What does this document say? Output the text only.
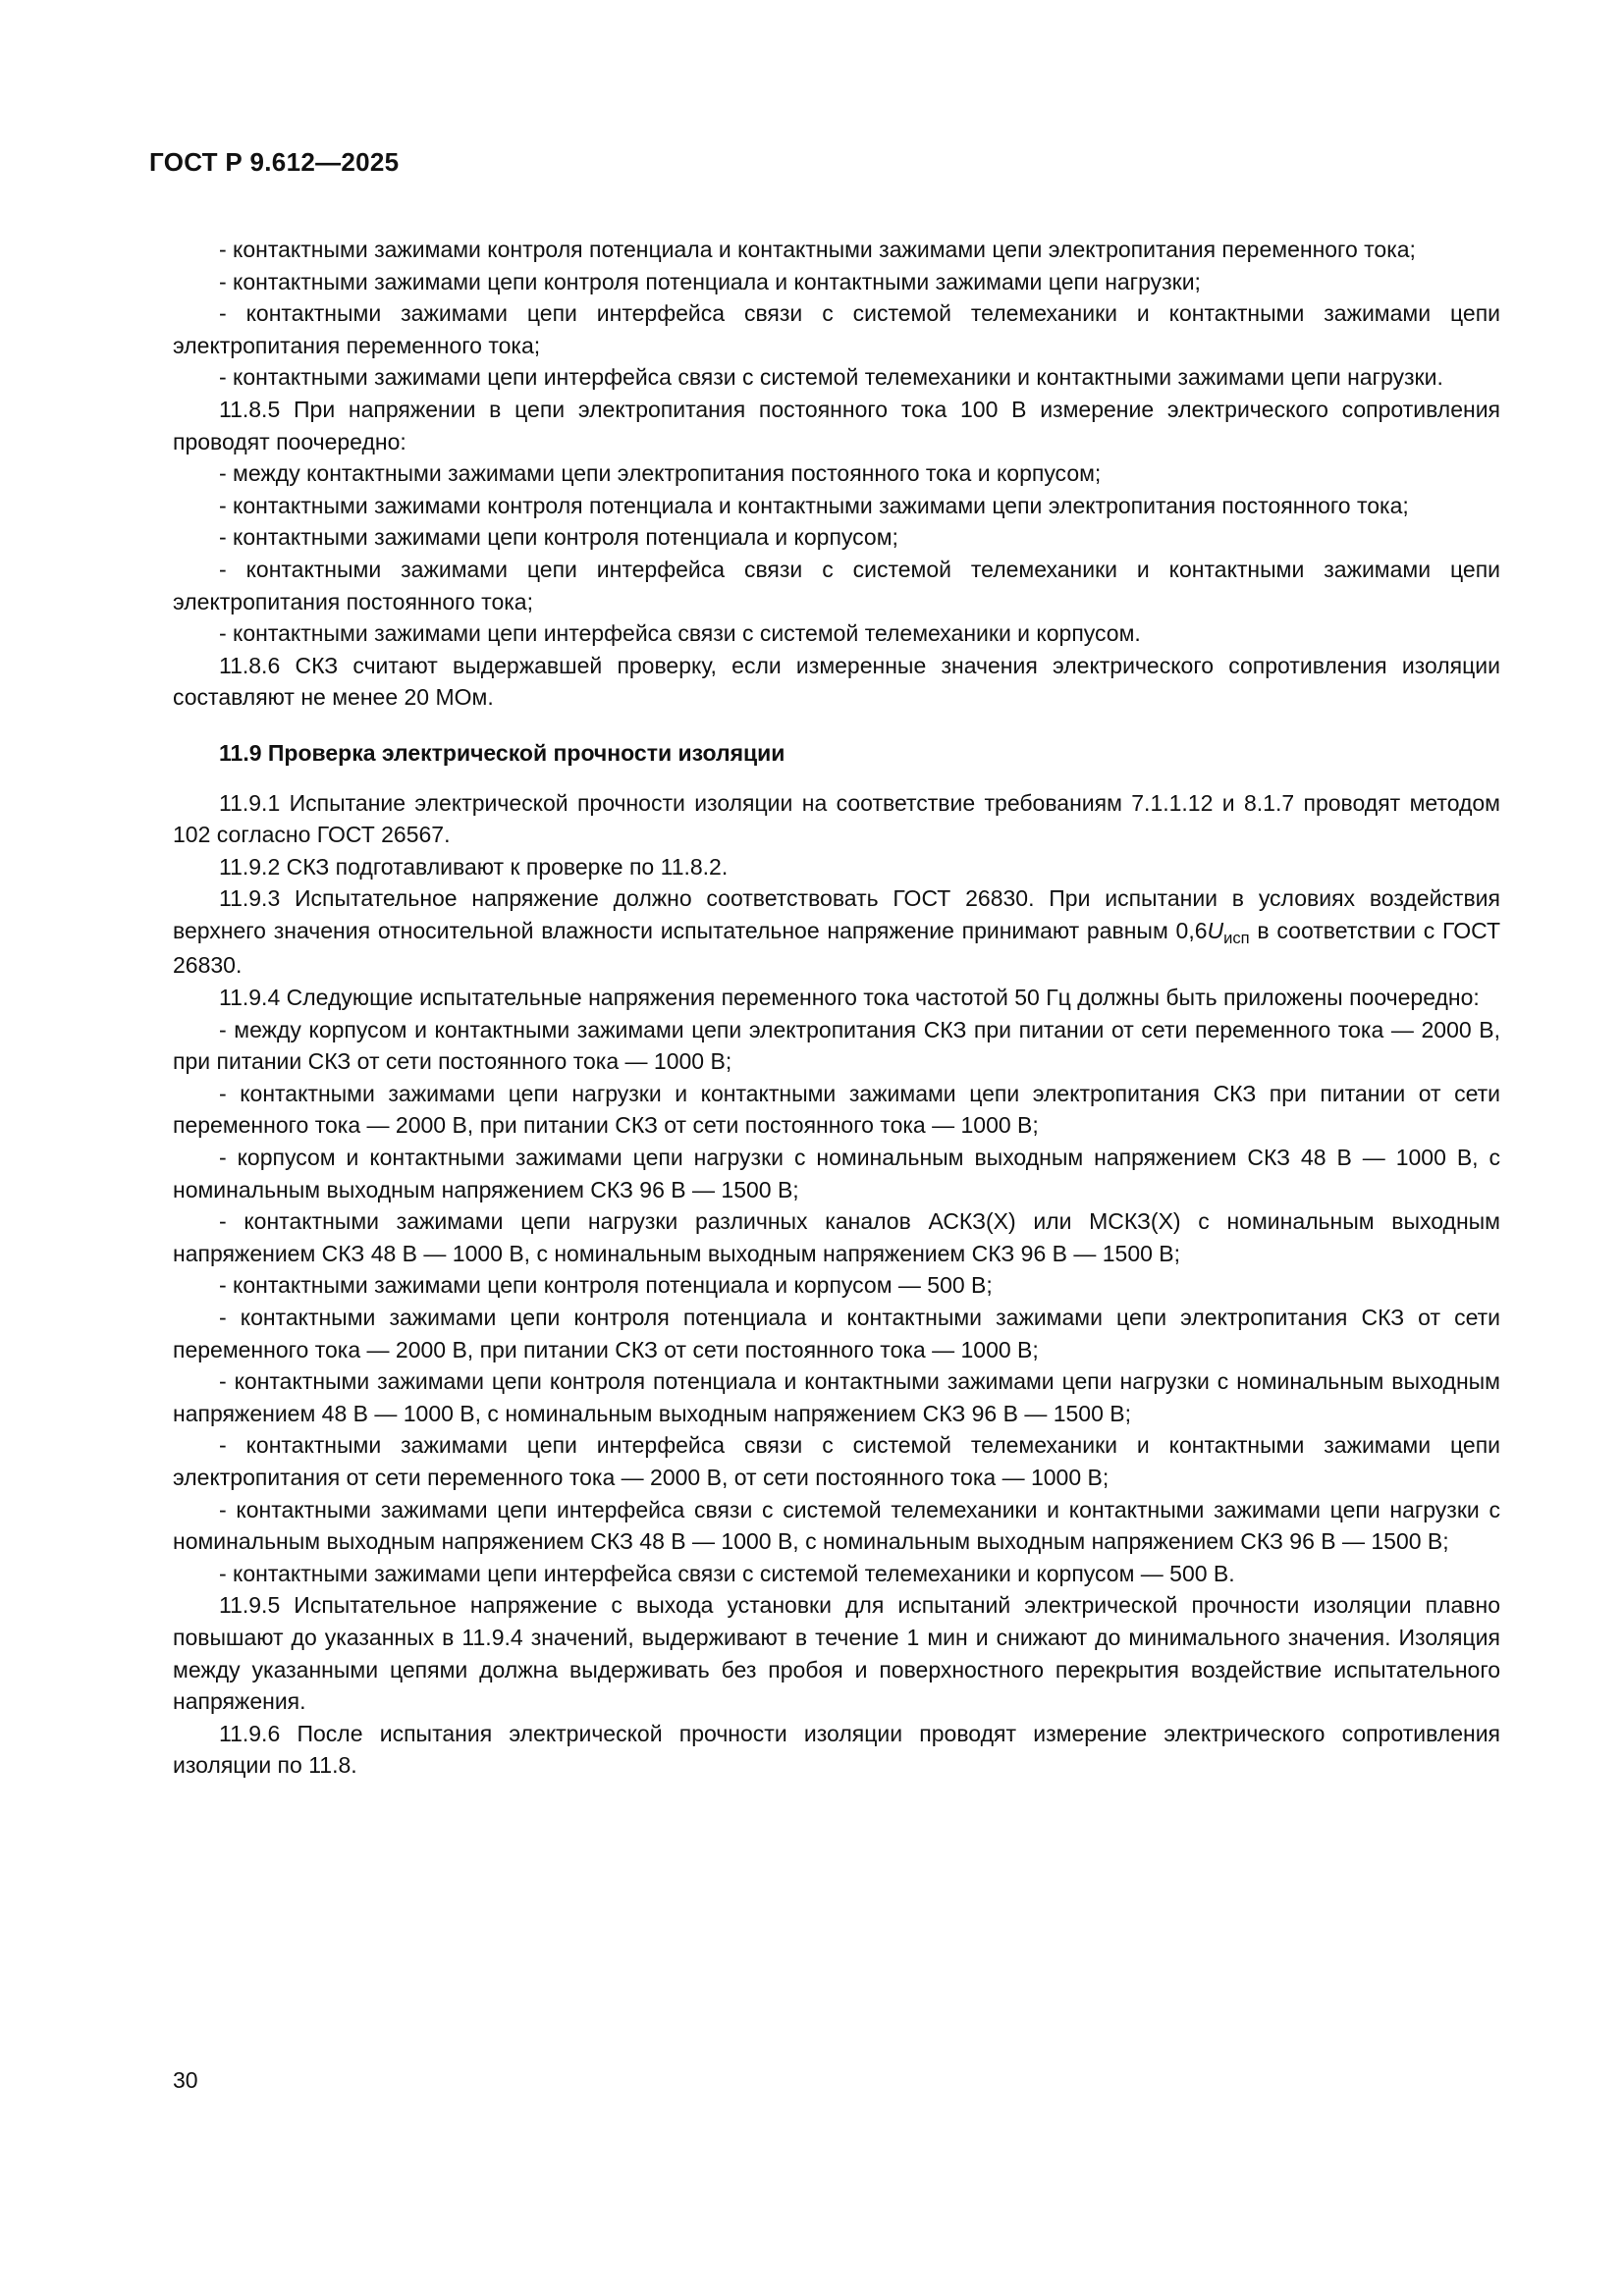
ГОСТ Р 9.612—2025

- контактными зажимами контроля потенциала и контактными зажимами цепи электропитания переменного тока;

- контактными зажимами цепи контроля потенциала и контактными зажимами цепи нагрузки;

- контактными зажимами цепи интерфейса связи с системой телемеханики и контактными зажимами цепи электропитания переменного тока;

- контактными зажимами цепи интерфейса связи с системой телемеханики и контактными зажимами цепи нагрузки.

11.8.5 При напряжении в цепи электропитания постоянного тока 100 В измерение электрического сопротивления проводят поочередно:

- между контактными зажимами цепи электропитания постоянного тока и корпусом;

- контактными зажимами контроля потенциала и контактными зажимами цепи электропитания постоянного тока;

- контактными зажимами цепи контроля потенциала и корпусом;

- контактными зажимами цепи интерфейса связи с системой телемеханики и контактными зажимами цепи электропитания постоянного тока;

- контактными зажимами цепи интерфейса связи с системой телемеханики и корпусом.

11.8.6 СКЗ считают выдержавшей проверку, если измеренные значения электрического сопротивления изоляции составляют не менее 20 МОм.

11.9 Проверка электрической прочности изоляции

11.9.1 Испытание электрической прочности изоляции на соответствие требованиям 7.1.1.12 и 8.1.7 проводят методом 102 согласно ГОСТ 26567.

11.9.2 СКЗ подготавливают к проверке по 11.8.2.

11.9.3 Испытательное напряжение должно соответствовать ГОСТ 26830. При испытании в условиях воздействия верхнего значения относительной влажности испытательное напряжение принимают равным $0,6U_{исп}$ в соответствии с ГОСТ 26830.

11.9.4 Следующие испытательные напряжения переменного тока частотой 50 Гц должны быть приложены поочередно:

- между корпусом и контактными зажимами цепи электропитания СКЗ при питании от сети переменного тока — 2000 В, при питании СКЗ от сети постоянного тока — 1000 В;

- контактными зажимами цепи нагрузки и контактными зажимами цепи электропитания СКЗ при питании от сети переменного тока — 2000 В, при питании СКЗ от сети постоянного тока — 1000 В;

- корпусом и контактными зажимами цепи нагрузки с номинальным выходным напряжением СКЗ 48 В — 1000 В, с номинальным выходным напряжением СКЗ 96 В — 1500 В;

- контактными зажимами цепи нагрузки различных каналов АСКЗ(Х) или МСКЗ(Х) с номинальным выходным напряжением СКЗ 48 В — 1000 В, с номинальным выходным напряжением СКЗ 96 В — 1500 В;

- контактными зажимами цепи контроля потенциала и корпусом — 500 В;

- контактными зажимами цепи контроля потенциала и контактными зажимами цепи электропитания СКЗ от сети переменного тока — 2000 В, при питании СКЗ от сети постоянного тока — 1000 В;

- контактными зажимами цепи контроля потенциала и контактными зажимами цепи нагрузки с номинальным выходным напряжением 48 В — 1000 В, с номинальным выходным напряжением СКЗ 96 В — 1500 В;

- контактными зажимами цепи интерфейса связи с системой телемеханики и контактными зажимами цепи электропитания от сети переменного тока — 2000 В, от сети постоянного тока — 1000 В;

- контактными зажимами цепи интерфейса связи с системой телемеханики и контактными зажимами цепи нагрузки с номинальным выходным напряжением СКЗ 48 В — 1000 В, с номинальным выходным напряжением СКЗ 96 В — 1500 В;

- контактными зажимами цепи интерфейса связи с системой телемеханики и корпусом — 500 В.

11.9.5 Испытательное напряжение с выхода установки для испытаний электрической прочности изоляции плавно повышают до указанных в 11.9.4 значений, выдерживают в течение 1 мин и снижают до минимального значения. Изоляция между указанными цепями должна выдерживать без пробоя и поверхностного перекрытия воздействие испытательного напряжения.

11.9.6 После испытания электрической прочности изоляции проводят измерение электрического сопротивления изоляции по 11.8.

30
